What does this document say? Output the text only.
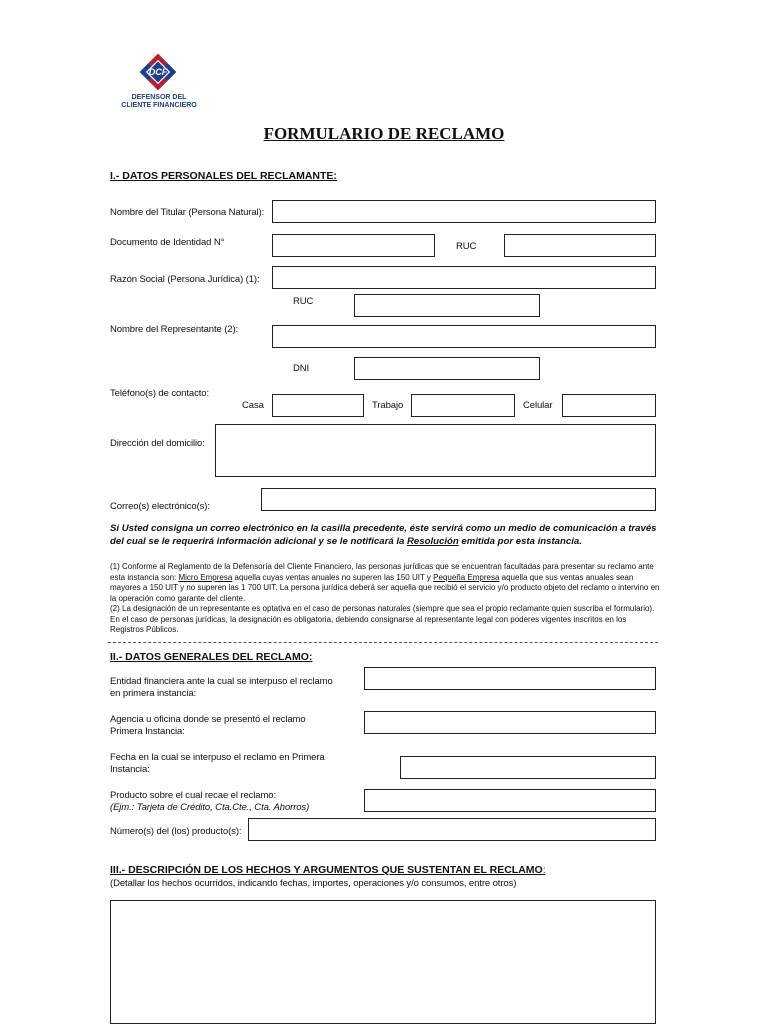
DCF
DEFENSOR DEL
CLIENTE FINANCIERO
FORMULARIO DE RECLAMO
I.- DATOS PERSONALES DEL RECLAMANTE:
Nombre del Titular (Persona Natural):
Documento de Identidad N°	RUC
Razón Social (Persona Jurídica) (1):
RUC
Nombre del Representante (2):
DNI
Teléfono(s) de contacto:
Casa	Trabajo	Celular
Dirección del domicilio:
Correo(s) electrónico(s):
Si Usted consigna un correo electrónico en la casilla precedente, éste servirá como un medio de comunicación a través del cual se le requerirá información adicional y se le notificará la Resolución emitida por esta instancia.
(1) Conforme al Reglamento de la Defensoría del Cliente Financiero, las personas jurídicas que se encuentran facultadas para presentar su reclamo ante esta instancia son: Micro Empresa aquella cuyas ventas anuales no superen las 150 UIT y Pequeña Empresa aquella que sus ventas anuales sean mayores a 150 UIT y no superen las 1 700 UIT. La persona jurídica deberá ser aquella que recibió el servicio y/o producto objeto del reclamo o intervino en la operación como garante del cliente.
(2) La designación de un representante es optativa en el caso de personas naturales (siempre que sea el propio reclamante quien suscriba el formulario). En el caso de personas jurídicas, la designación es obligatoria, debiendo consignarse al representante legal con poderes vigentes inscritos en los Registros Públicos.
II.- DATOS GENERALES DEL RECLAMO:
Entidad financiera ante la cual se interpuso el reclamo
en primera instancia:
Agencia u oficina donde se presentó el reclamo
Primera Instancia:
Fecha en la cual se interpuso el reclamo en Primera
Instancia:
Producto sobre el cual recae el reclamo:
(Ejm.: Tarjeta de Crédito, Cta.Cte., Cta. Ahorros)
Número(s) del (los) producto(s):
III.- DESCRIPCIÓN DE LOS HECHOS Y ARGUMENTOS QUE SUSTENTAN EL RECLAMO:
(Detallar los hechos ocurridos, indicando fechas, importes, operaciones y/o consumos, entre otros)
